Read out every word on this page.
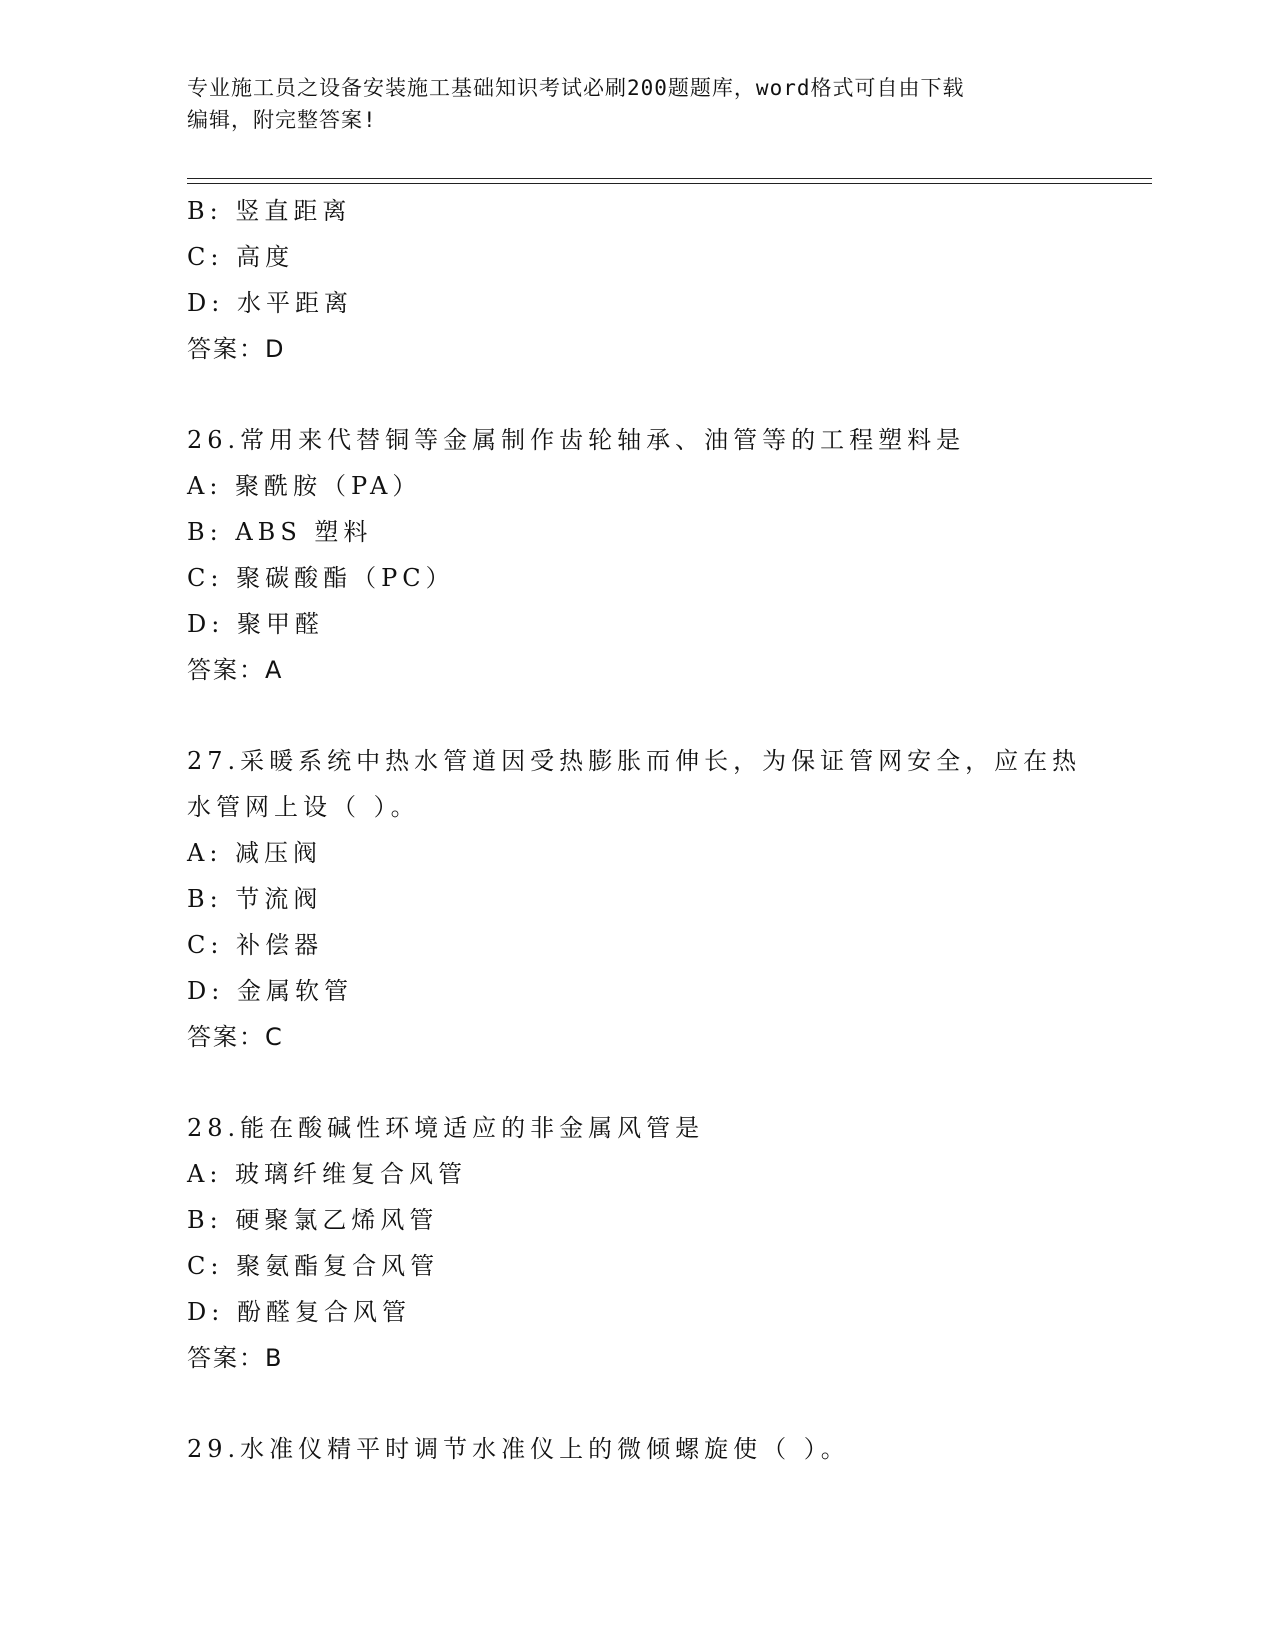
专业施工员之设备安装施工基础知识考试必刷200题题库，word格式可自由下载
编辑，附完整答案!
B: 竖直距离
C: 高度
D: 水平距离
答案：D
26.常用来代替铜等金属制作齿轮轴承、油管等的工程塑料是
A: 聚酰胺（PA）
B: ABS 塑料
C: 聚碳酸酯（PC）
D: 聚甲醛
答案：A
27.采暖系统中热水管道因受热膨胀而伸长，为保证管网安全，应在热
水管网上设（ ）。
A: 减压阀
B: 节流阀
C: 补偿器
D: 金属软管
答案：C
28.能在酸碱性环境适应的非金属风管是
A: 玻璃纤维复合风管
B: 硬聚氯乙烯风管
C: 聚氨酯复合风管
D: 酚醛复合风管
答案：B
29.水准仪精平时调节水准仪上的微倾螺旋使（ ）。
